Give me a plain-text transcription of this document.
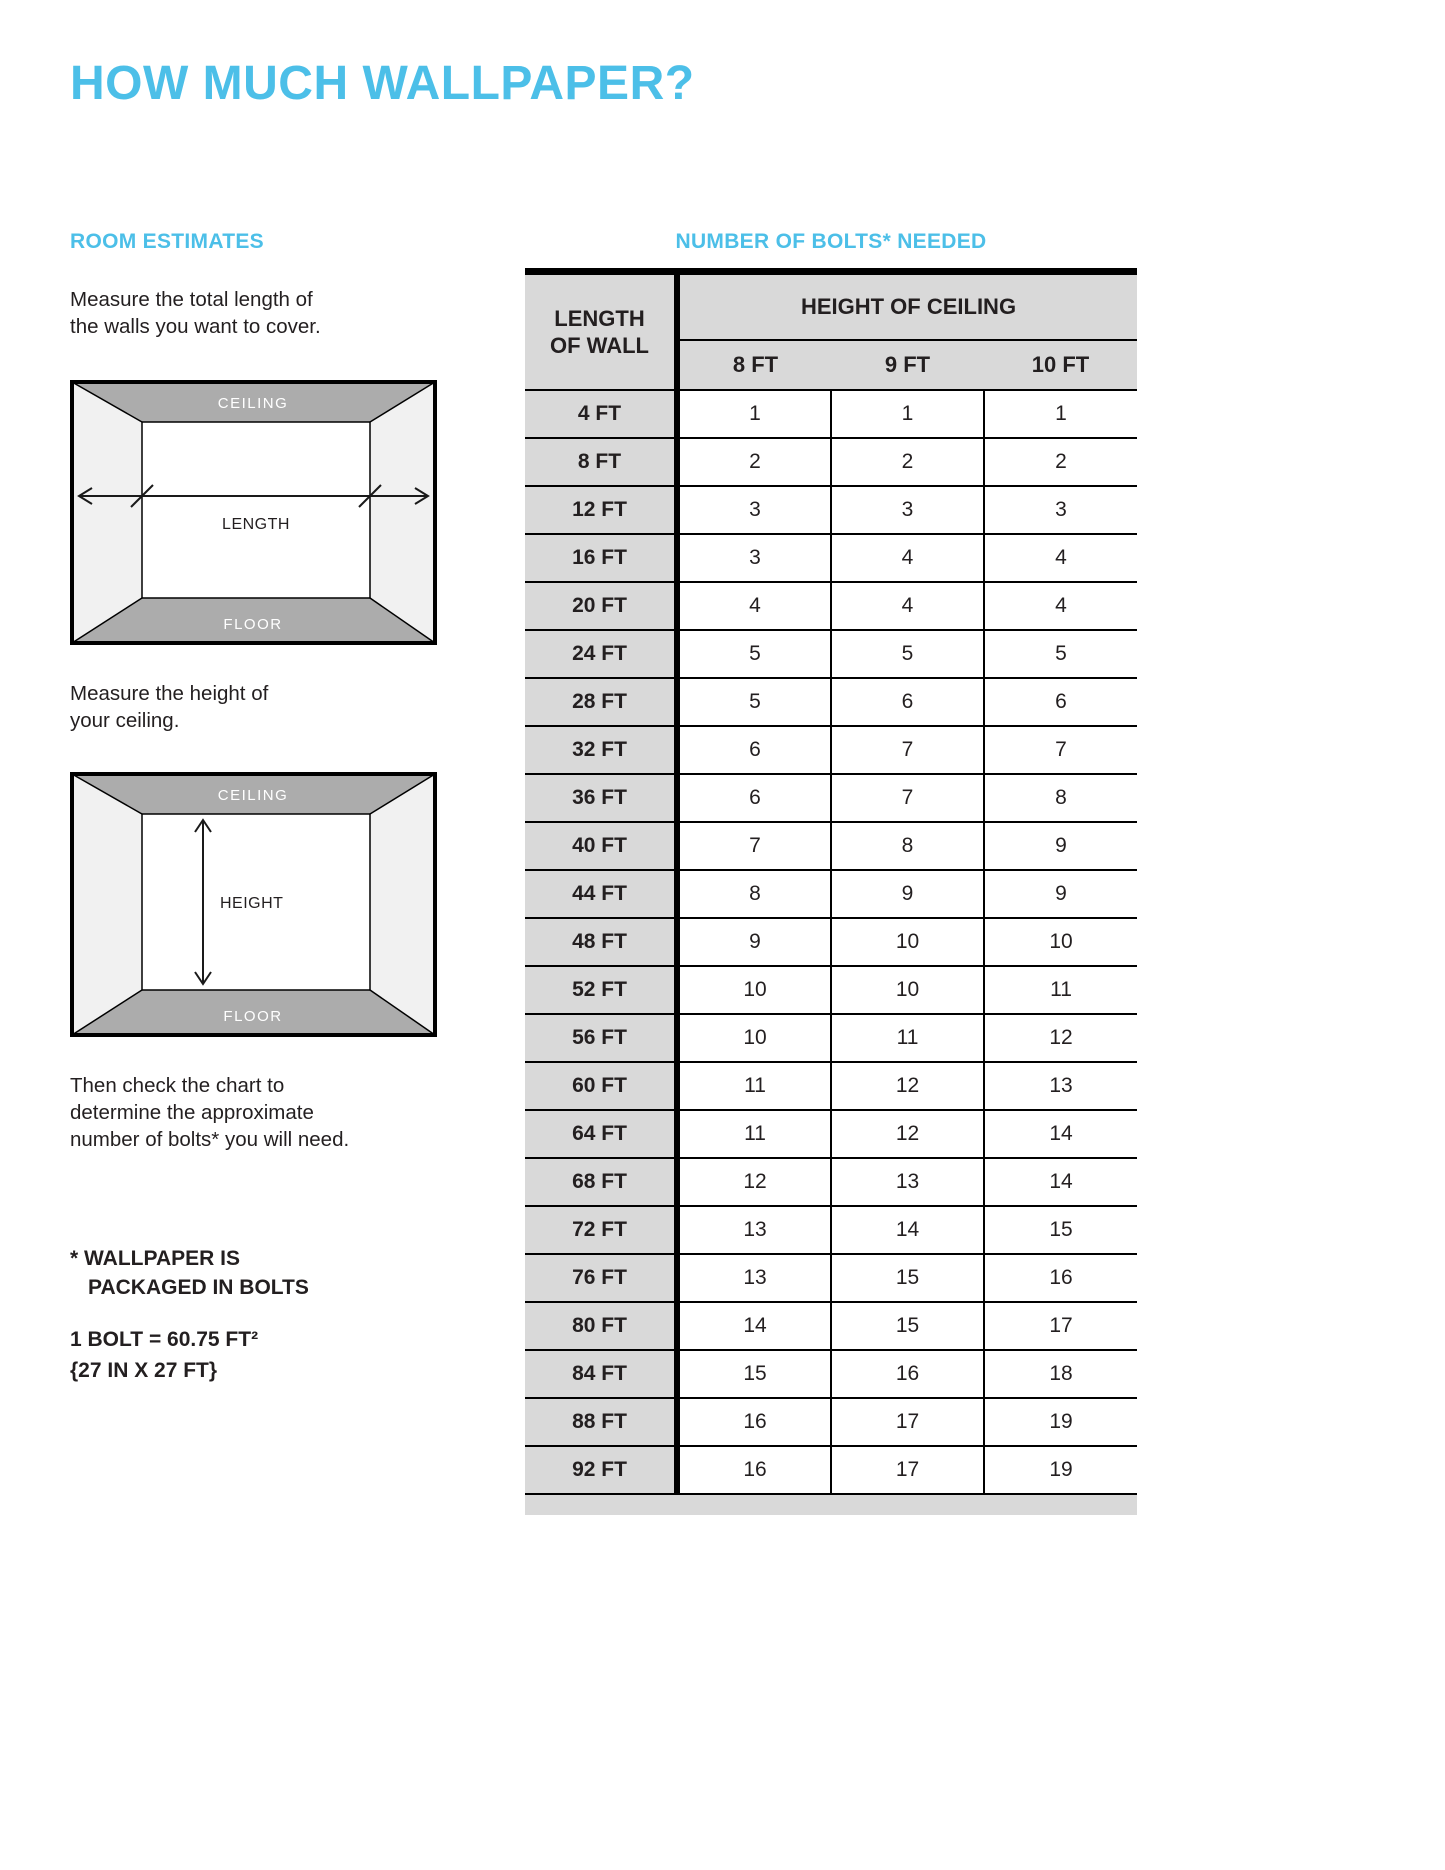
HOW MUCH WALLPAPER?
ROOM ESTIMATES
Measure the total length of
the walls you want to cover.
CEILING
FLOOR
LENGTH
Measure the height of
your ceiling.
CEILING
FLOOR
HEIGHT
Then check the chart to
determine the approximate
number of bolts* you will need.
* WALLPAPER IS
PACKAGED IN BOLTS
1 BOLT = 60.75 FT²
{27 IN X 27 FT}
NUMBER OF BOLTS* NEEDED
LENGTH
OF WALL	HEIGHT OF CEILING		
	8 FT	9 FT	10 FT
4 FT	1	1	1
8 FT	2	2	2
12 FT	3	3	3
16 FT	3	4	4
20 FT	4	4	4
24 FT	5	5	5
28 FT	5	6	6
32 FT	6	7	7
36 FT	6	7	8
40 FT	7	8	9
44 FT	8	9	9
48 FT	9	10	10
52 FT	10	10	11
56 FT	10	11	12
60 FT	11	12	13
64 FT	11	12	14
68 FT	12	13	14
72 FT	13	14	15
76 FT	13	15	16
80 FT	14	15	17
84 FT	15	16	18
88 FT	16	17	19
92 FT	16	17	19
